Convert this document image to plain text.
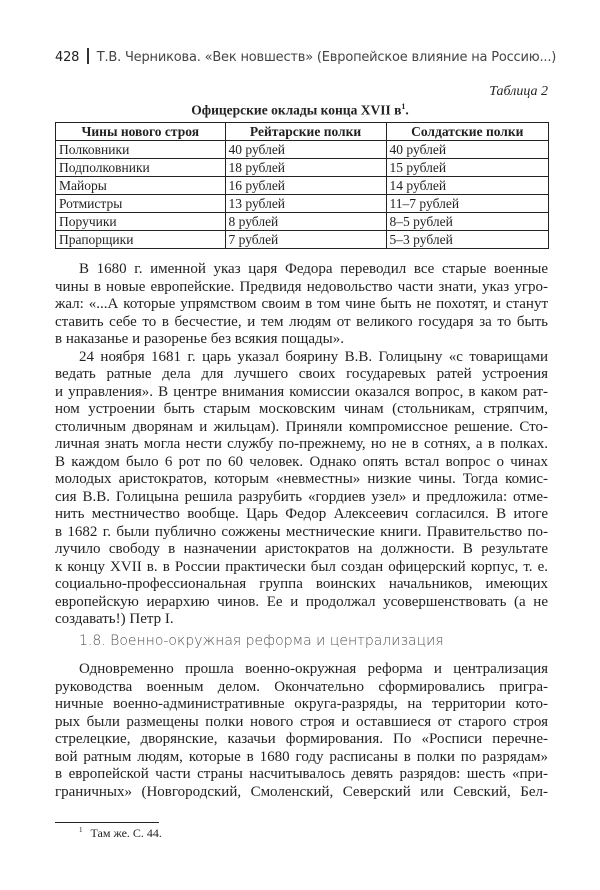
428 Т.В. Черникова. «Век новшеств» (Европейское влияние на Россию...)
Таблица 2
Офицерские оклады конца XVII $в^1$.
Чины нового строя	Рейтарские полки	Солдатские полки
Полковники	40 рублей	40 рублей
Подполковники	18 рублей	15 рублей
Майоры	16 рублей	14 рублей
Ротмистры	13 рублей	11–7 рублей
Поручики	8 рублей	8–5 рублей
Прапорщики	7 рублей	5–3 рублей
В 1680 г. именной указ царя Федора переводил все старые военные
чины в новые европейские. Предвидя недовольство части знати, указ угро-
жал: «...А которые упрямством своим в том чине быть не похотят, и станут
ставить себе то в бесчестие, и тем людям от великого государя за то быть
в наказанье и разоренье без всякия пощады».
24 ноября 1681 г. царь указал боярину В.В. Голицыну «с товарищами
ведать ратные дела для лучшего своих государевых ратей устроения
и управления». В центре внимания комиссии оказался вопрос, в каком рат-
ном устроении быть старым московским чинам (стольникам, стряпчим,
столичным дворянам и жильцам). Приняли компромиссное решение. Сто-
личная знать могла нести службу по-прежнему, но не в сотнях, а в полках.
В каждом было 6 рот по 60 человек. Однако опять встал вопрос о чинах
молодых аристократов, которым «невместны» низкие чины. Тогда комис-
сия В.В. Голицына решила разрубить «гордиев узел» и предложила: отме-
нить местничество вообще. Царь Федор Алексеевич согласился. В итоге
в 1682 г. были публично сожжены местнические книги. Правительство по-
лучило свободу в назначении аристократов на должности. В результате
к концу XVII в. в России практически был создан офицерский корпус, т. е.
социально-профессиональная группа воинских начальников, имеющих
европейскую иерархию чинов. Ее и продолжал усовершенствовать (а не
создавать!) Петр I.
1.8. Военно-окружная реформа и централизация
Одновременно прошла военно-окружная реформа и централизация
руководства военным делом. Окончательно сформировались пригра-
ничные военно-административные округа-разряды, на территории кото-
рых были размещены полки нового строя и оставшиеся от старого строя
стрелецкие, дворянские, казачьи формирования. По «Росписи перечне-
вой ратным людям, которые в 1680 году расписаны в полки по разрядам»
в европейской части страны насчитывалось девять разрядов: шесть «при-
граничных» (Новгородский, Смоленский, Северский или Севский, Бел-
$^1$ Там же. С. 44.
